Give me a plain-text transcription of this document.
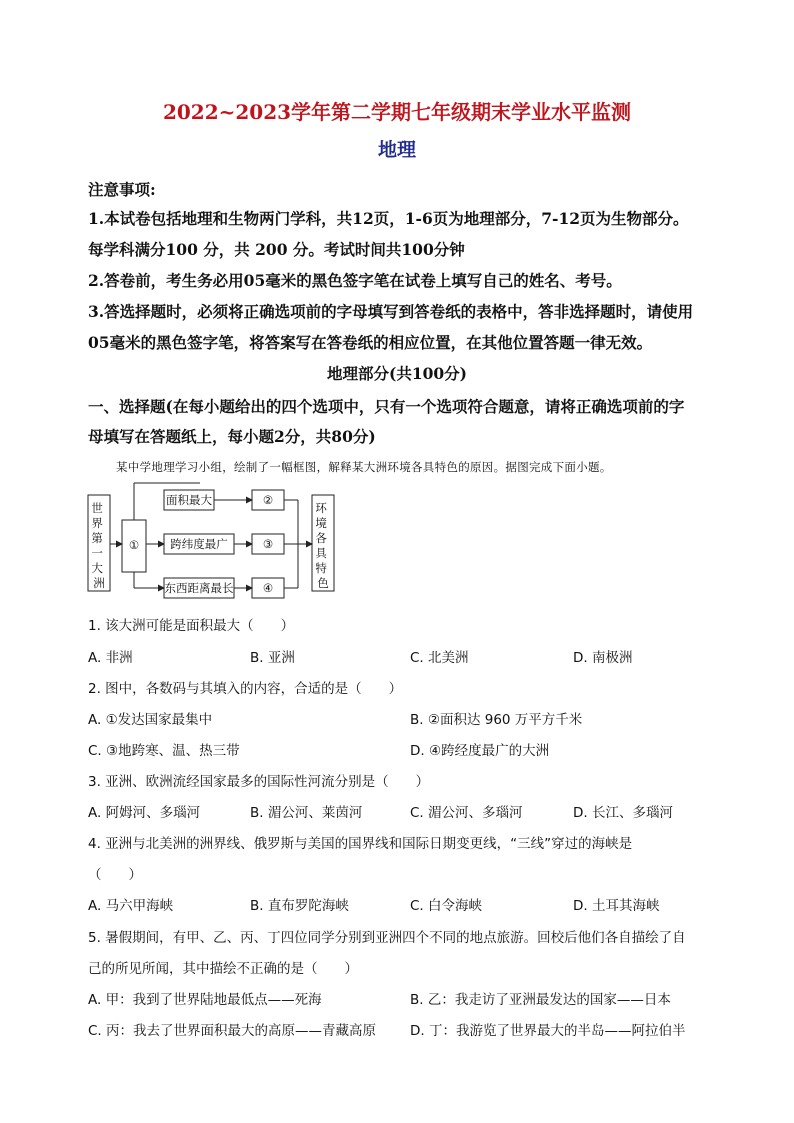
2022~2023学年第二学期七年级期末学业水平监测
地理
注意事项:
1.本试卷包括地理和生物两门学科，共12页，1-6页为地理部分，7-12页为生物部分。
每学科满分100 分，共 200 分。考试时间共100分钟
2.答卷前，考生务必用05毫米的黑色签字笔在试卷上填写自己的姓名、考号。
3.答选择题时，必须将正确选项前的字母填写到答卷纸的表格中，答非选择题时，请使用
05毫米的黑色签字笔，将答案写在答卷纸的相应位置，在其他位置答题一律无效。
地理部分(共100分)
一、选择题(在每小题给出的四个选项中，只有一个选项符合题意，请将正确选项前的字
母填写在答题纸上，每小题2分，共80分)
某中学地理学习小组，绘制了一幅框图，解释某大洲环境各具特色的原因。据图完成下面小题。
世 界 第 一 大 洲
①
面积最大
跨纬度最广
东西距离最长
②
③
④
环 境 各 具 特 色
1. 该大洲可能是面积最大（　　）
A. 非洲	B. 亚洲	C. 北美洲	D. 南极洲
2. 图中，各数码与其填入的内容，合适的是（　　）
A. ①发达国家最集中	B. ②面积达 960 万平方千米
C. ③地跨寒、温、热三带	D. ④跨经度最广的大洲
3. 亚洲、欧洲流经国家最多的国际性河流分别是（　　）
A. 阿姆河、多瑙河	B. 湄公河、莱茵河	C. 湄公河、多瑙河	D. 长江、多瑙河
4. 亚洲与北美洲的洲界线、俄罗斯与美国的国界线和国际日期变更线，“三线”穿过的海峡是
（　　）
A. 马六甲海峡	B. 直布罗陀海峡	C. 白令海峡	D. 土耳其海峡
5. 暑假期间，有甲、乙、丙、丁四位同学分别到亚洲四个不同的地点旅游。回校后他们各自描绘了自
己的所见所闻，其中描绘不正确的是（　　）
A. 甲：我到了世界陆地最低点——死海	B. 乙：我走访了亚洲最发达的国家——日本
C. 丙：我去了世界面积最大的高原——青藏高原	D. 丁：我游览了世界最大的半岛——阿拉伯半
